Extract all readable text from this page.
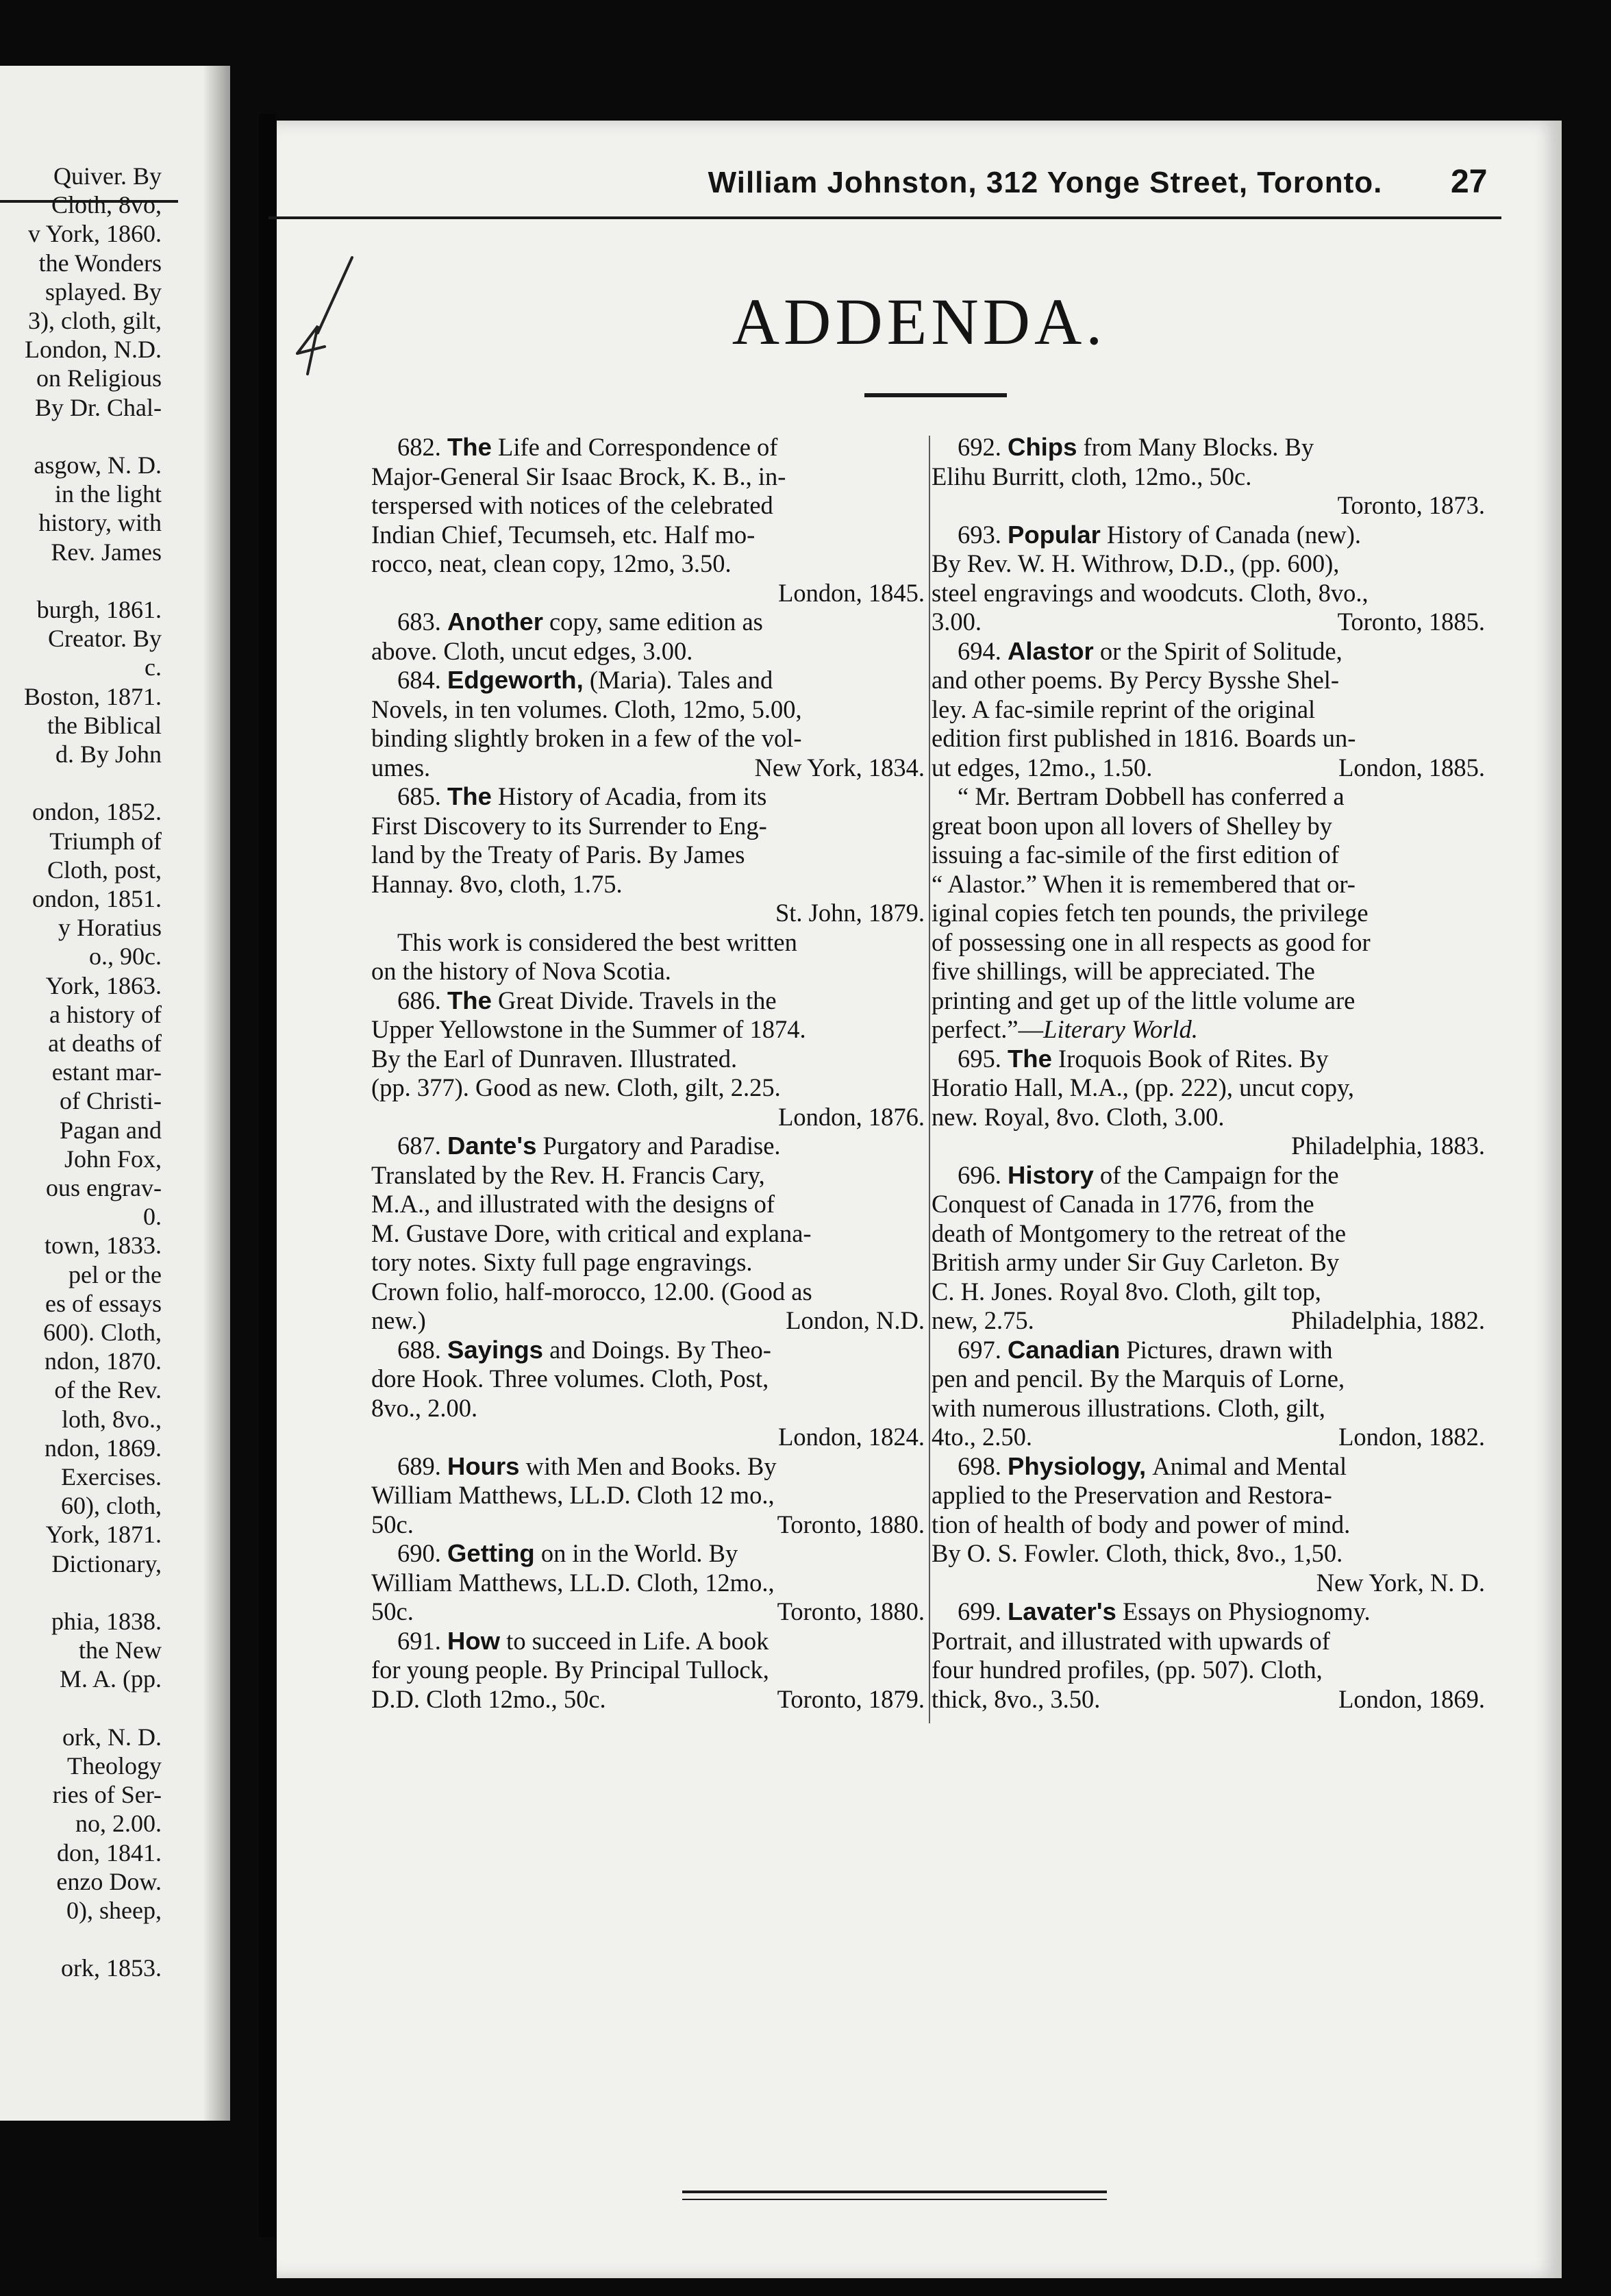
Quiver. By
Cloth, 8vo,
v York, 1860.
the Wonders
splayed. By
3), cloth, gilt,
London, N.D.
on Religious
By Dr. Chal-
asgow, N. D.
in the light
history, with
Rev. James
burgh, 1861.
Creator. By
c.
Boston, 1871.
the Biblical
d. By John
ondon, 1852.
Triumph of
Cloth, post,
ondon, 1851.
y Horatius
o., 90c.
York, 1863.
a history of
at deaths of
estant mar-
of Christi-
Pagan and
John Fox,
ous engrav-
0.
town, 1833.
pel or the
es of essays
600). Cloth,
ndon, 1870.
of the Rev.
loth, 8vo.,
ndon, 1869.
Exercises.
60), cloth,
York, 1871.
Dictionary,
phia, 1838.
the New
M. A. (pp.
ork, N. D.
Theology
ries of Ser-
no, 2.00.
don, 1841.
enzo Dow.
0), sheep,
ork, 1853.
William Johnston, 312 Yonge Street, Toronto.	27
ADDENDA.
682. The Life and Correspondence of
Major-General Sir Isaac Brock, K. B., in-
terspersed with notices of the celebrated
Indian Chief, Tecumseh, etc. Half mo-
rocco, neat, clean copy, 12mo, 3.50.
London, 1845.
683.
Another
copy, same edition as
above. Cloth, uncut edges, 3.00.
684.
Edgeworth,
(Maria). Tales and
Novels, in ten volumes. Cloth, 12mo, 5.00,
binding slightly broken in a few of the vol-
umes.	New York, 1834.
685.
The
History of Acadia, from its
First Discovery to its Surrender to Eng-
land by the Treaty of Paris. By James
Hannay. 8vo, cloth, 1.75.
St. John, 1879.
This work is considered the best written
on the history of Nova Scotia.
686.
The
Great Divide. Travels in the
Upper Yellowstone in the Summer of 1874.
By the Earl of Dunraven. Illustrated.
(pp. 377). Good as new. Cloth, gilt, 2.25.
London, 1876.
687.
Dante's
Purgatory and Paradise.
Translated by the Rev. H. Francis Cary,
M.A., and illustrated with the designs of
M. Gustave Dore, with critical and explana-
tory notes. Sixty full page engravings.
Crown folio, half-morocco, 12.00. (Good as
new.)	London, N.D.
688.
Sayings
and Doings. By Theo-
dore Hook. Three volumes. Cloth, Post,
8vo., 2.00.
London, 1824.
689.
Hours
with Men and Books. By
William Matthews, LL.D. Cloth 12 mo.,
50c.	Toronto, 1880.
690.
Getting
on in the World. By
William Matthews, LL.D. Cloth, 12mo.,
50c.	Toronto, 1880.
691.
How
to succeed in Life. A book
for young people. By Principal Tullock,
D.D. Cloth 12mo., 50c.	Toronto, 1879.
692.
Chips
from Many Blocks. By
Elihu Burritt, cloth, 12mo., 50c.
Toronto, 1873.
693.
Popular
History of Canada (new).
By Rev. W. H. Withrow, D.D., (pp. 600),
steel engravings and woodcuts. Cloth, 8vo.,
3.00.	Toronto, 1885.
694.
Alastor
or the Spirit of Solitude,
and other poems. By Percy Bysshe Shel-
ley. A fac-simile reprint of the original
edition first published in 1816. Boards un-
ut edges, 12mo., 1.50.	London, 1885.
“ Mr. Bertram Dobbell has conferred a
great boon upon all lovers of Shelley by
issuing a fac-simile of the first edition of
“ Alastor.” When it is remembered that or-
iginal copies fetch ten pounds, the privilege
of possessing one in all respects as good for
five shillings, will be appreciated. The
printing and get up of the little volume are
perfect.”— Literary World.
695.
The
Iroquois Book of Rites. By
Horatio Hall, M.A., (pp. 222), uncut copy,
new. Royal, 8vo. Cloth, 3.00.
Philadelphia, 1883.
696.
History
of the Campaign for the
Conquest of Canada in 1776, from the
death of Montgomery to the retreat of the
British army under Sir Guy Carleton. By
C. H. Jones. Royal 8vo. Cloth, gilt top,
new, 2.75.	Philadelphia, 1882.
697.
Canadian
Pictures, drawn with
pen and pencil. By the Marquis of Lorne,
with numerous illustrations. Cloth, gilt,
4to., 2.50.	London, 1882.
698.
Physiology,
Animal and Mental
applied to the Preservation and Restora-
tion of health of body and power of mind.
By O. S. Fowler. Cloth, thick, 8vo., 1,50.
New York, N. D.
699.
Lavater's
Essays on Physiognomy.
Portrait, and illustrated with upwards of
four hundred profiles, (pp. 507). Cloth,
thick, 8vo., 3.50.	London, 1869.
